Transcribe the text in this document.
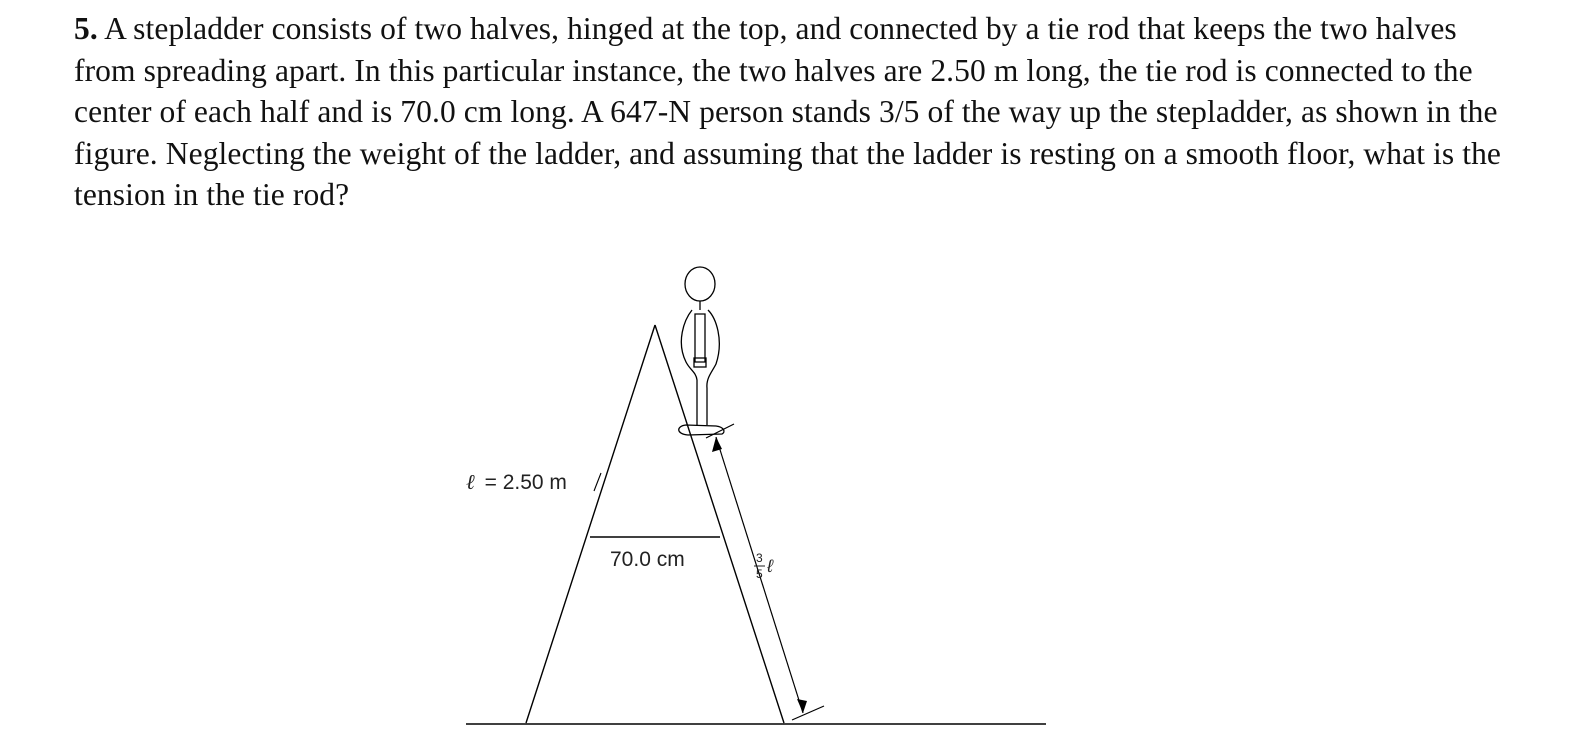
5. A stepladder consists of two halves, hinged at the top, and connected by a tie rod that keeps the two halves from spreading apart. In this particular instance, the two halves are 2.50 m long, the tie rod is connected to the center of each half and is 70.0 cm long. A 647-N person stands 3/5 of the way up the stepladder, as shown in the figure. Neglecting the weight of the ladder, and assuming that the ladder is resting on a smooth floor, what is the tension in the tie rod?
ℓ = 2.50 m
70.0 cm	3
5 ℓ
